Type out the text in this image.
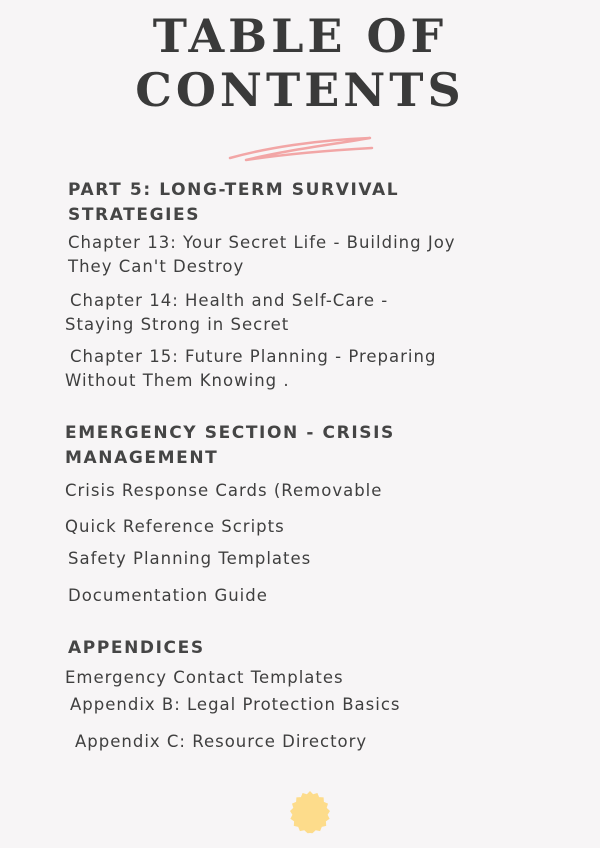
TABLE OF
CONTENTS
PART 5: LONG-TERM SURVIVAL
STRATEGIES

Chapter 13: Your Secret Life - Building Joy

They Can't Destroy

Chapter 14: Health and Self-Care -

Staying Strong in Secret

Chapter 15: Future Planning - Preparing

Without Them Knowing .

EMERGENCY SECTION - CRISIS
MANAGEMENT

Crisis Response Cards (Removable

Quick Reference Scripts

Safety Planning Templates

Documentation Guide

APPENDICES

Emergency Contact Templates

Appendix B: Legal Protection Basics

Appendix C: Resource Directory
